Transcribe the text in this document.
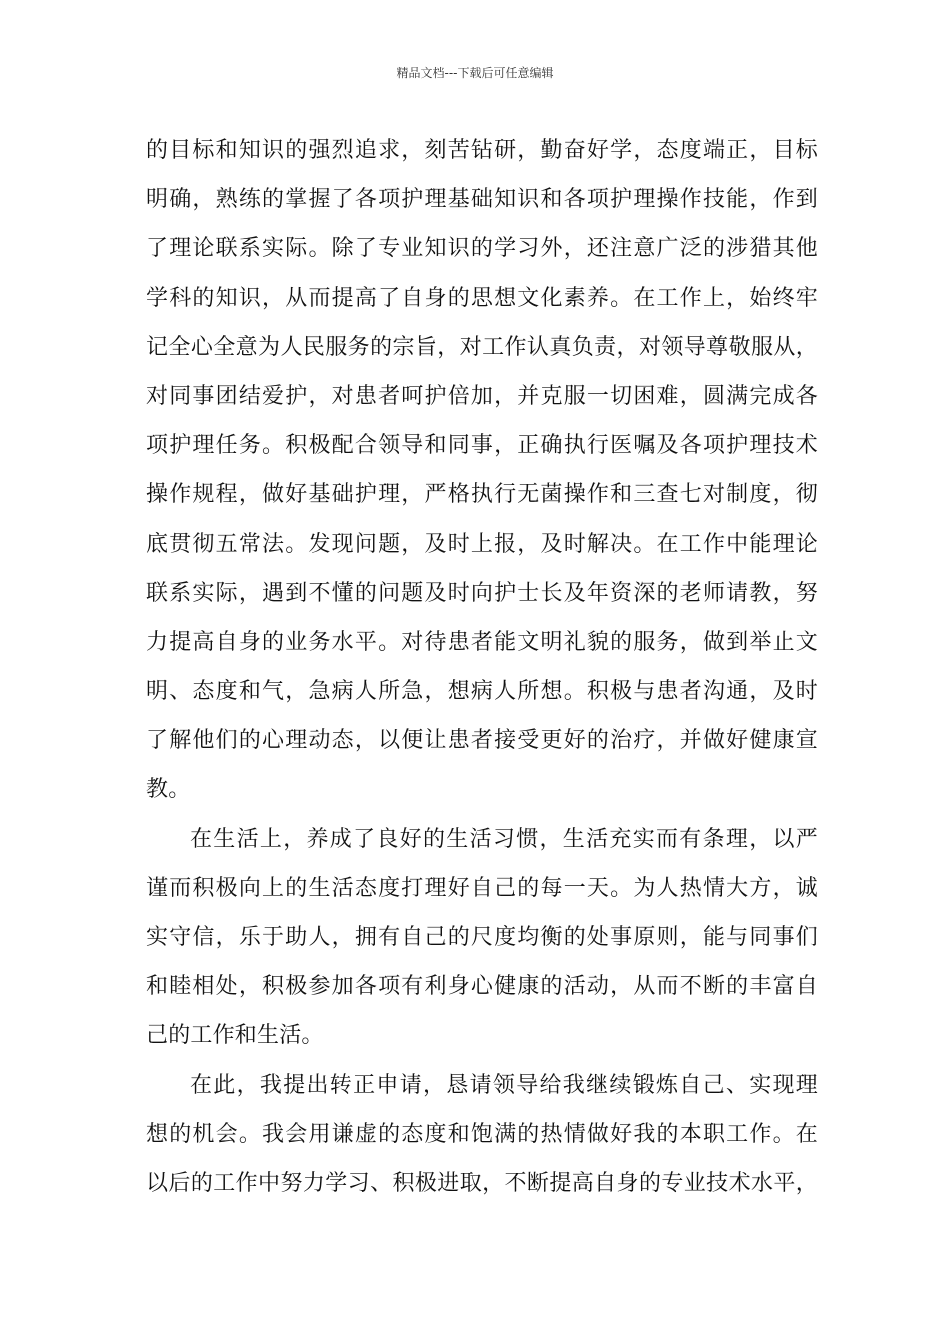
精品文档---下载后可任意编辑
的目标和知识的强烈追求，刻苦钻研，勤奋好学，态度端正，目标
明确，熟练的掌握了各项护理基础知识和各项护理操作技能，作到
了理论联系实际。除了专业知识的学习外，还注意广泛的涉猎其他
学科的知识，从而提高了自身的思想文化素养。在工作上，始终牢
记全心全意为人民服务的宗旨，对工作认真负责，对领导尊敬服从，
对同事团结爱护，对患者呵护倍加，并克服一切困难，圆满完成各
项护理任务。积极配合领导和同事，正确执行医嘱及各项护理技术
操作规程，做好基础护理，严格执行无菌操作和三查七对制度，彻
底贯彻五常法。发现问题，及时上报，及时解决。在工作中能理论
联系实际，遇到不懂的问题及时向护士长及年资深的老师请教，努
力提高自身的业务水平。对待患者能文明礼貌的服务，做到举止文
明、态度和气，急病人所急，想病人所想。积极与患者沟通，及时
了解他们的心理动态，以便让患者接受更好的治疗，并做好健康宣
教。
在生活上，养成了良好的生活习惯，生活充实而有条理，以严
谨而积极向上的生活态度打理好自己的每一天。为人热情大方，诚
实守信，乐于助人，拥有自己的尺度均衡的处事原则，能与同事们
和睦相处，积极参加各项有利身心健康的活动，从而不断的丰富自
己的工作和生活。
在此，我提出转正申请，恳请领导给我继续锻炼自己、实现理
想的机会。我会用谦虚的态度和饱满的热情做好我的本职工作。在
以后的工作中努力学习、积极进取，不断提高自身的专业技术水平，
